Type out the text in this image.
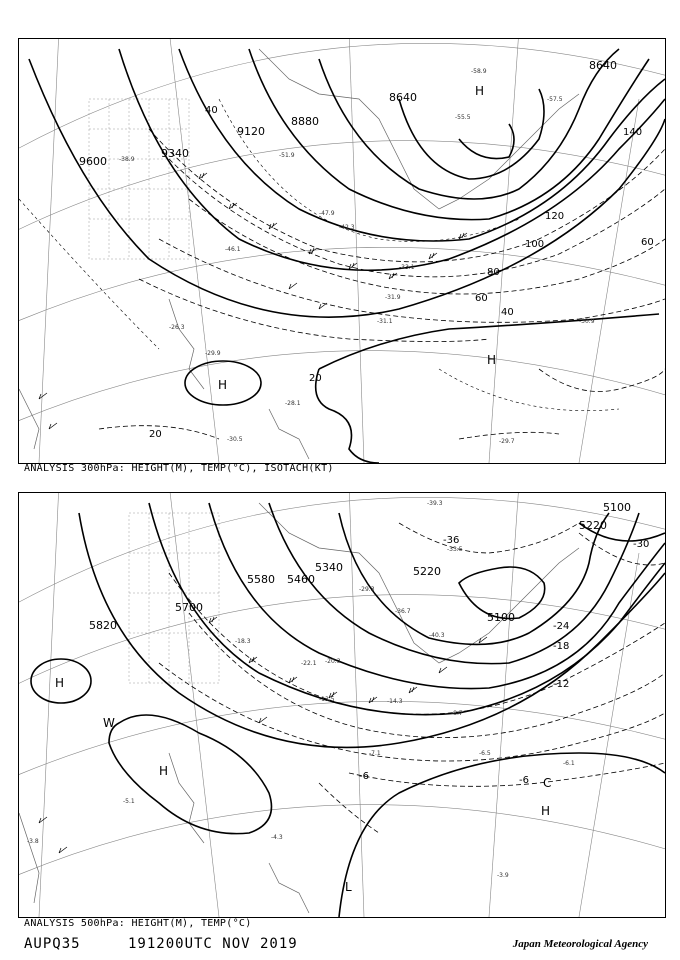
9600
9340
9120
8880
8640
8640
140
120
100
80
60
40
20
60
40
20
H
H
H
-30.9
-31.1
-30.5
-29.9
-29.7
-31.9
-33.1
-47.9
-42.3
-46.1
-38.9
-51.9
-58.9
-55.5
-57.5
-26.3
-28.1
ANALYSIS 300hPa: HEIGHT(M), TEMP(°C), ISOTACH(KT)
5100
5220
5220
5340
5460
5580
5700
5820
5100
-30
-24
-18
-12
-6	-6
-36
H
H
H
L
C
W
-33.5
-36.7
-40.3
-29.3
-20.3
-14.3
-8.7
-7.1
-6.1
-3.9
-4.3
-5.1
-22.1
-13.5
-18.3
-3.8
-6.5
-39.3
ANALYSIS 500hPa: HEIGHT(M), TEMP(°C)
AUPQ35	191200UTC NOV 2019	Japan Meteorological Agency
